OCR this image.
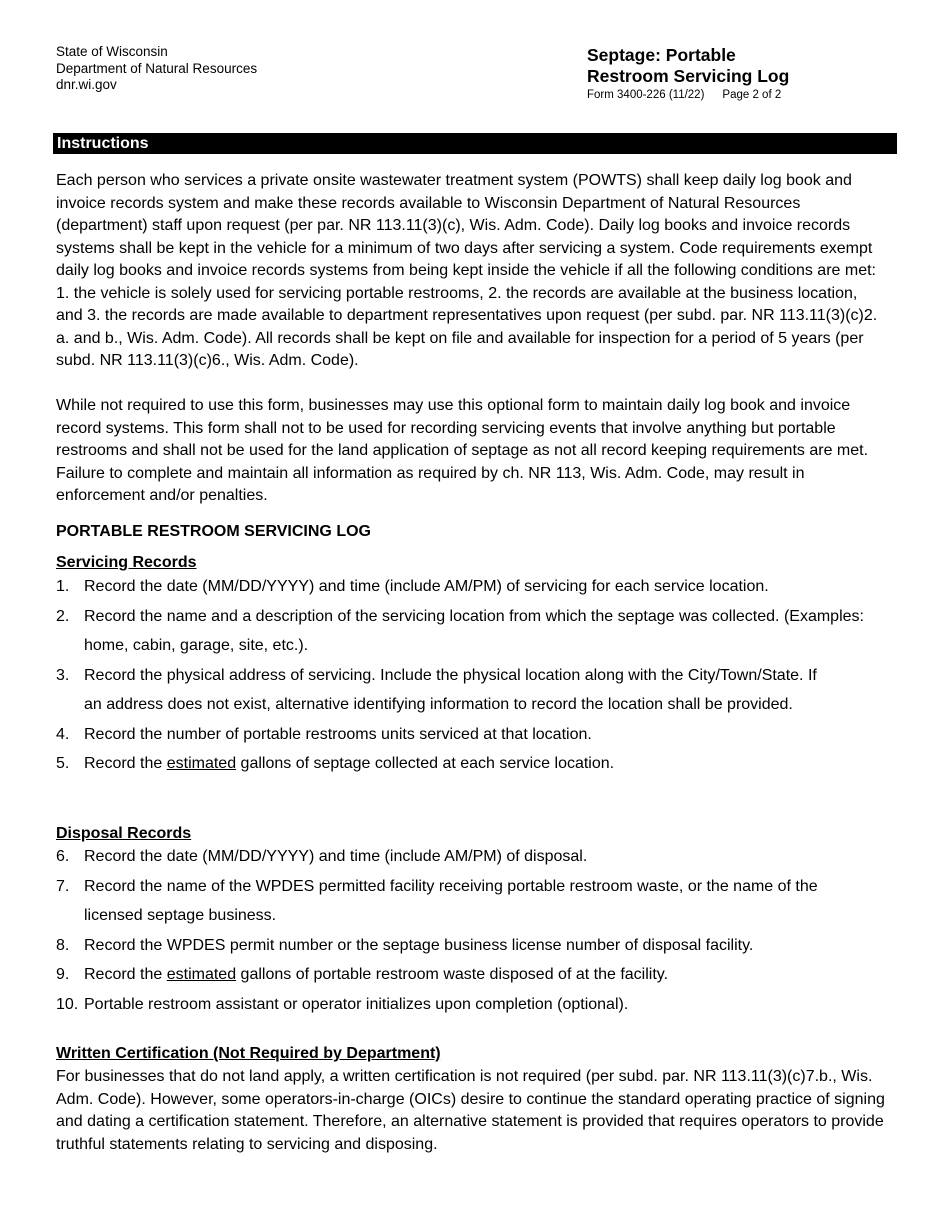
State of Wisconsin
Department of Natural Resources
dnr.wi.gov
Septage: Portable
Restroom Servicing Log
Form 3400-226 (11/22) Page 2 of 2
Instructions

Each person who services a private onsite wastewater treatment system (POWTS) shall keep daily log book and invoice records system and make these records available to Wisconsin Department of Natural Resources (department) staff upon request (per par. NR 113.11(3)(c), Wis. Adm. Code). Daily log books and invoice records systems shall be kept in the vehicle for a minimum of two days after servicing a system. Code requirements exempt daily log books and invoice records systems from being kept inside the vehicle if all the following conditions are met: 1. the vehicle is solely used for servicing portable restrooms, 2. the records are available at the business location, and 3. the records are made available to department representatives upon request (per subd. par. NR 113.11(3)(c)2. a. and b., Wis. Adm. Code). All records shall be kept on file and available for inspection for a period of 5 years (per subd. NR 113.11(3)(c)6., Wis. Adm. Code).

While not required to use this form, businesses may use this optional form to maintain daily log book and invoice record systems. This form shall not to be used for recording servicing events that involve anything but portable restrooms and shall not be used for the land application of septage as not all record keeping requirements are met. Failure to complete and maintain all information as required by ch. NR 113, Wis. Adm. Code, may result in enforcement and/or penalties.

PORTABLE RESTROOM SERVICING LOG
Servicing Records
1. Record the date (MM/DD/YYYY) and time (include AM/PM) of servicing for each service location.
2. Record the name and a description of the servicing location from which the septage was collected. (Examples: home, cabin, garage, site, etc.).
3. Record the physical address of servicing. Include the physical location along with the City/Town/State. If an address does not exist, alternative identifying information to record the location shall be provided.
4. Record the number of portable restrooms units serviced at that location.
5. Record the estimated gallons of septage collected at each service location.
Disposal Records
6. Record the date (MM/DD/YYYY) and time (include AM/PM) of disposal.
7. Record the name of the WPDES permitted facility receiving portable restroom waste, or the name of the licensed septage business.
8. Record the WPDES permit number or the septage business license number of disposal facility.
9. Record the estimated gallons of portable restroom waste disposed of at the facility.
10. Portable restroom assistant or operator initializes upon completion (optional).
Written Certification (Not Required by Department)

For businesses that do not land apply, a written certification is not required (per subd. par. NR 113.11(3)(c)7.b., Wis. Adm. Code). However, some operators-in-charge (OICs) desire to continue the standard operating practice of signing and dating a certification statement. Therefore, an alternative statement is provided that requires operators to provide truthful statements relating to servicing and disposing.
